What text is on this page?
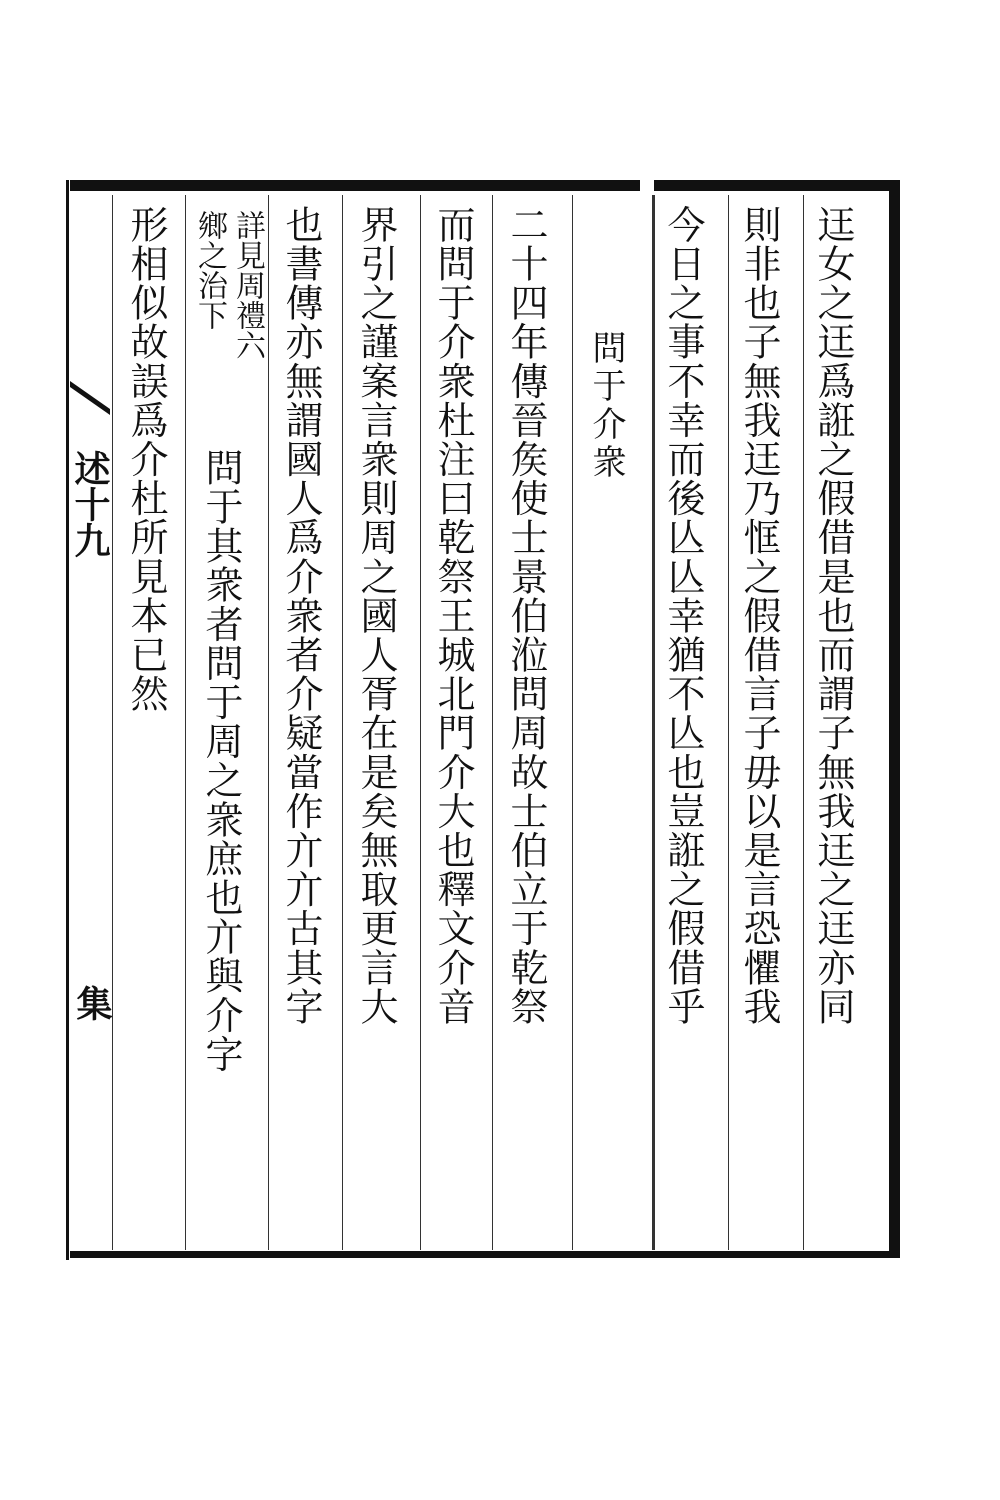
述十九
集	迋女之迋爲誑之假借是也而謂子無我迋之迋亦同
則非也子無我迋乃恇之假借言子毋以是言恐懼我
今日之事不幸而後亾亾幸猶不亾也豈誑之假借乎
問于介衆
二十四年傳晉矦使士景伯涖問周故士伯立于乾祭
而問于介衆杜注曰乾祭王城北門介大也釋文介音
界引之謹案言衆則周之國人胥在是矣無取更言大
也書傳亦無謂國人爲介衆者介疑當作亣亣古其字
詳見周禮六
鄉之治下
問于其衆者問于周之衆庶也亣與介字
形相似故誤爲介杜所見本已然
